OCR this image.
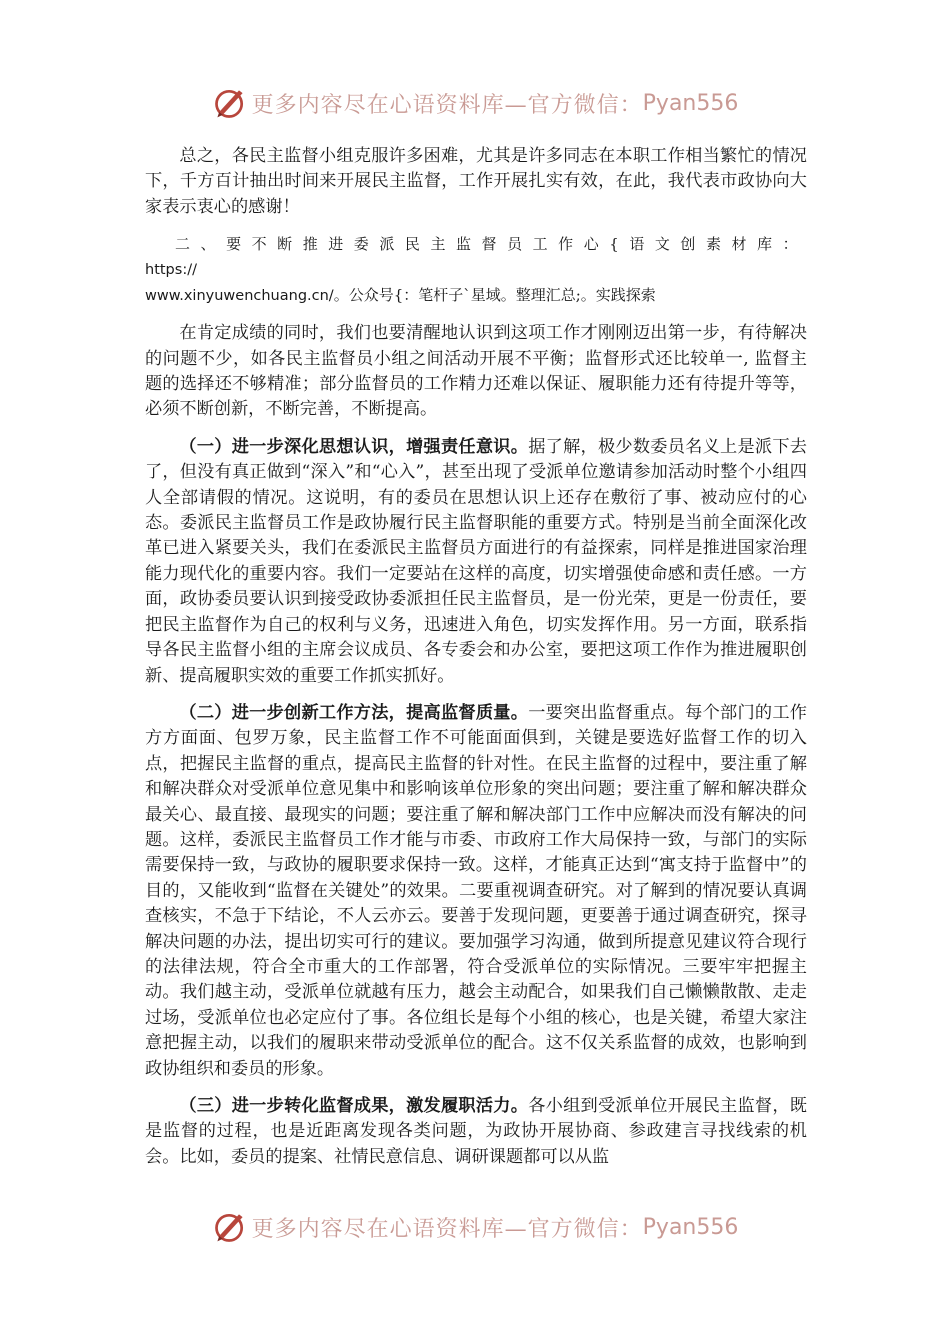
更多内容尽在心语资料库—官方微信： Pyan556

总之，各民主监督小组克服许多困难，尤其是许多同志在本职工作相当繁忙的情况下，千方百计抽出时间来开展民主监督，工作开展扎实有效，在此，我代表市政协向大家表示衷心的感谢！

二、要不断推进委派民主监督员工作心{语文创素材库：https://
www.xinyuwenchuang.cn/。公众号{：笔杆子`星域。整理汇总;。实践探索

在肯定成绩的同时，我们也要清醒地认识到这项工作才刚刚迈出第一步，有待解决的问题不少，如各民主监督员小组之间活动开展不平衡；监督形式还比较单一, 监督主题的选择还不够精准；部分监督员的工作精力还难以保证、履职能力还有待提升等等，必须不断创新，不断完善，不断提高。

（一）进一步深化思想认识，增强责任意识。据了解，极少数委员名义上是派下去了，但没有真正做到“深入”和“心入”，甚至出现了受派单位邀请参加活动时整个小组四人全部请假的情况。这说明，有的委员在思想认识上还存在敷衍了事、被动应付的心态。委派民主监督员工作是政协履行民主监督职能的重要方式。特别是当前全面深化改革已进入紧要关头，我们在委派民主监督员方面进行的有益探索，同样是推进国家治理能力现代化的重要内容。我们一定要站在这样的高度，切实增强使命感和责任感。一方面，政协委员要认识到接受政协委派担任民主监督员，是一份光荣，更是一份责任，要把民主监督作为自己的权利与义务，迅速进入角色，切实发挥作用。另一方面，联系指导各民主监督小组的主席会议成员、各专委会和办公室，要把这项工作作为推进履职创新、提高履职实效的重要工作抓实抓好。

（二）进一步创新工作方法，提高监督质量。一要突出监督重点。每个部门的工作方方面面、包罗万象，民主监督工作不可能面面俱到，关键是要选好监督工作的切入点，把握民主监督的重点，提高民主监督的针对性。在民主监督的过程中，要注重了解和解决群众对受派单位意见集中和影响该单位形象的突出问题；要注重了解和解决群众最关心、最直接、最现实的问题；要注重了解和解决部门工作中应解决而没有解决的问题。这样，委派民主监督员工作才能与市委、市政府工作大局保持一致，与部门的实际需要保持一致，与政协的履职要求保持一致。这样，才能真正达到“寓支持于监督中”的目的，又能收到“监督在关键处”的效果。二要重视调查研究。对了解到的情况要认真调查核实，不急于下结论，不人云亦云。要善于发现问题，更要善于通过调查研究，探寻解决问题的办法，提出切实可行的建议。要加强学习沟通，做到所提意见建议符合现行的法律法规，符合全市重大的工作部署，符合受派单位的实际情况。三要牢牢把握主动。我们越主动，受派单位就越有压力，越会主动配合，如果我们自己懒懒散散、走走过场，受派单位也必定应付了事。各位组长是每个小组的核心，也是关键，希望大家注意把握主动，以我们的履职来带动受派单位的配合。这不仅关系监督的成效，也影响到政协组织和委员的形象。

（三）进一步转化监督成果，激发履职活力。各小组到受派单位开展民主监督，既是监督的过程，也是近距离发现各类问题，为政协开展协商、参政建言寻找线索的机会。比如，委员的提案、社情民意信息、调研课题都可以从监

更多内容尽在心语资料库—官方微信： Pyan556
